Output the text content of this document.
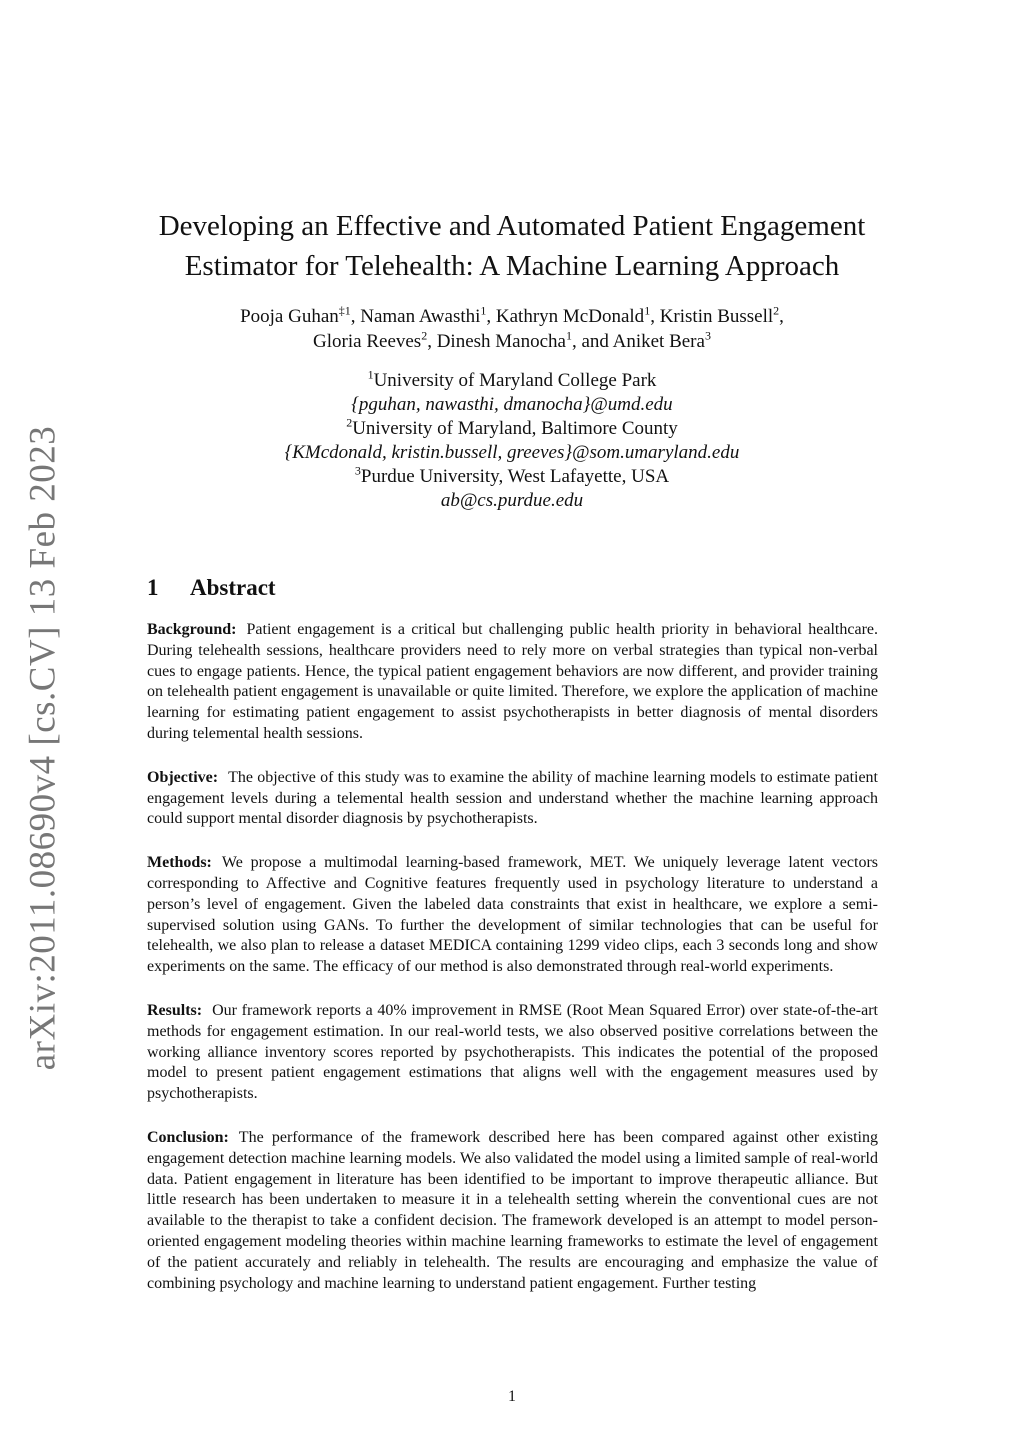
arXiv:2011.08690v4 [cs.CV] 13 Feb 2023
Developing an Effective and Automated Patient Engagement
Estimator for Telehealth: A Machine Learning Approach
Pooja Guhan$^{\ddagger 1}$, Naman Awasthi$^1$, Kathryn McDonald$^1$, Kristin Bussell$^2$,
Gloria Reeves$^2$, Dinesh Manocha$^1$, and Aniket Bera$^3$
$^1$University of Maryland College Park
{pguhan, nawasthi, dmanocha}@umd.edu
$^2$University of Maryland, Baltimore County
{KMcdonald, kristin.bussell, greeves}@som.umaryland.edu
$^3$Purdue University, West Lafayette, USA
ab@cs.purdue.edu
1 Abstract

Background: Patient engagement is a critical but challenging public health priority in behavioral healthcare. During telehealth sessions, healthcare providers need to rely more on verbal strategies than typical non-verbal cues to engage patients. Hence, the typical patient engagement behaviors are now different, and provider training on telehealth patient engagement is unavailable or quite limited. Therefore, we explore the application of machine learning for estimating patient engagement to assist psychotherapists in better diagnosis of mental disorders during telemental health sessions.

Objective: The objective of this study was to examine the ability of machine learning models to estimate patient engagement levels during a telemental health session and understand whether the machine learning approach could support mental disorder diagnosis by psychotherapists.

Methods: We propose a multimodal learning-based framework, MET. We uniquely leverage latent vectors corresponding to Affective and Cognitive features frequently used in psychology literature to understand a person’s level of engagement. Given the labeled data constraints that exist in healthcare, we explore a semi-supervised solution using GANs. To further the development of similar technologies that can be useful for telehealth, we also plan to release a dataset MEDICA containing 1299 video clips, each 3 seconds long and show experiments on the same. The efficacy of our method is also demonstrated through real-world experiments.

Results: Our framework reports a 40% improvement in RMSE (Root Mean Squared Error) over state-of-the-art methods for engagement estimation. In our real-world tests, we also observed positive correlations between the working alliance inventory scores reported by psychotherapists. This indicates the potential of the proposed model to present patient engagement estimations that aligns well with the engagement measures used by psychotherapists.

Conclusion: The performance of the framework described here has been compared against other existing engagement detection machine learning models. We also validated the model using a limited sample of real-world data. Patient engagement in literature has been identified to be important to improve therapeutic alliance. But little research has been undertaken to measure it in a telehealth setting wherein the conventional cues are not available to the therapist to take a confident decision. The framework developed is an attempt to model person-oriented engagement modeling theories within machine learning frameworks to estimate the level of engagement of the patient accurately and reliably in telehealth. The results are encouraging and emphasize the value of combining psychology and machine learning to understand patient engagement. Further testing

1
